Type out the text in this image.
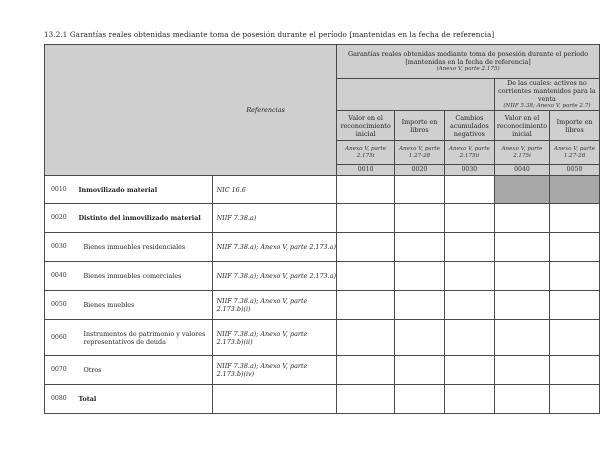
13.2.1 Garantías reales obtenidas mediante toma de posesión durante el período [mantenidas en la fecha de referencia]
Referencias			Garantías reales obtenidas mediante toma de posesión durante el período [mantenidas en la fecha de referencia]
(Anexo V, parte 2.175)				

						De las cuales: activos no corrientes mantenidos para la venta
(NIIF 5.38; Anexo V, parte 2.7)	

			Valor en el reconocimiento inicial	Importe en libros	Cambios acumulados negativos	Valor en el reconocimiento inicial	Importe en libros

			Anexo V, parte 2.175i	Anexo V, parte 1.27-28	Anexo V, parte 2.175ii	Anexo V, parte 2.175i	Anexo V, parte 1.27-28
			0010	0020	0030	0040	0050
0010	Inmovilizado material	NIC 16.6					
0020	Distinto del inmovilizado material	NIIF 7.38.a)					
0030	Bienes inmuebles residenciales	NIIF 7.38.a); Anexo V, parte 2.173.a)					
0040	Bienes inmuebles comerciales	NIIF 7.38.a); Anexo V, parte 2.173.a)					
0050	Bienes muebles	NIIF 7.38.a); Anexo V, parte 2.173.b)(i)					
0060	Instrumentos de patrimonio y valores representativos de deuda	NIIF 7.38.a); Anexo V, parte 2.173.b)(ii)					
0070	Otros	NIIF 7.38.a); Anexo V, parte 2.173.b)(iv)					
0080	Total						
